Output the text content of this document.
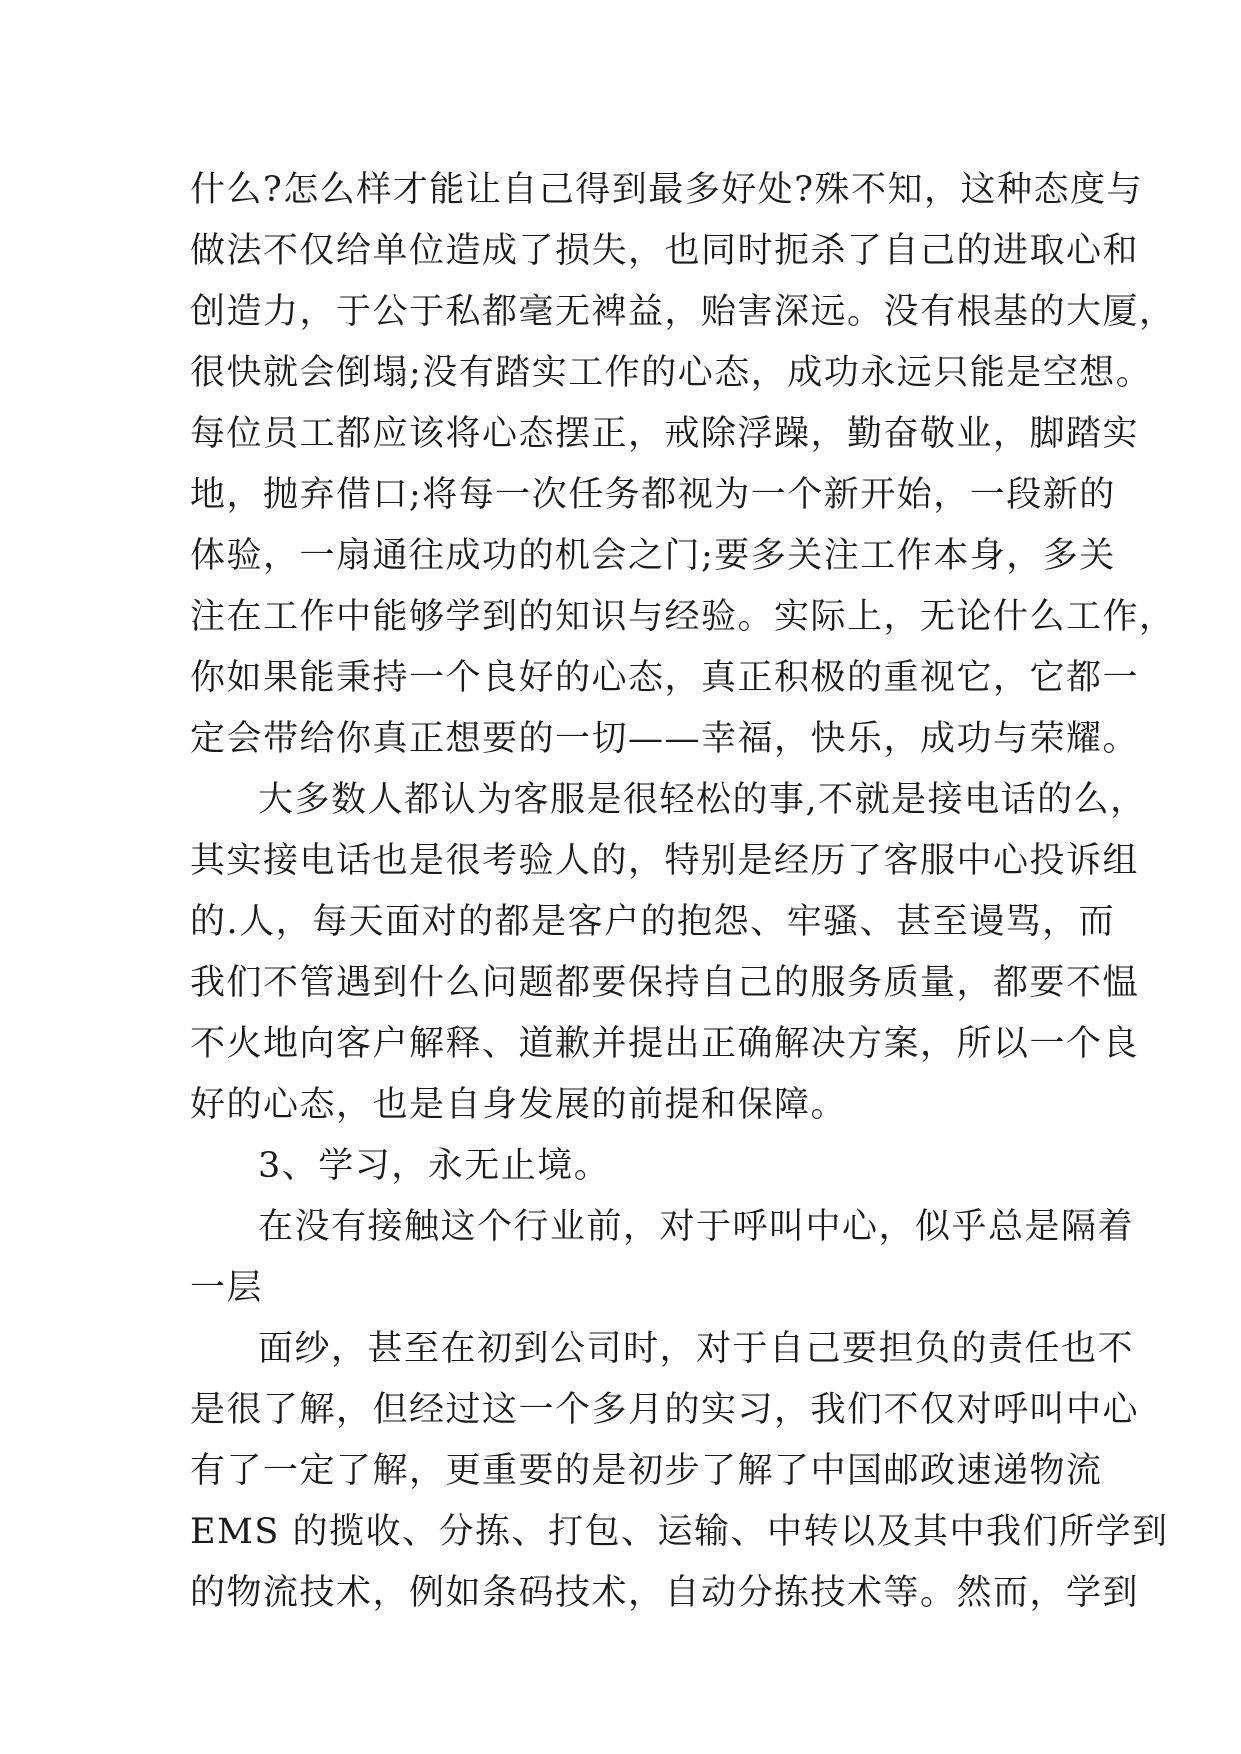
什么?怎么样才能让自己得到最多好处?殊不知，这种态度与
做法不仅给单位造成了损失，也同时扼杀了自己的进取心和
创造力，于公于私都毫无裨益，贻害深远。没有根基的大厦，
很快就会倒塌;没有踏实工作的心态，成功永远只能是空想。
每位员工都应该将心态摆正，戒除浮躁，勤奋敬业，脚踏实
地，抛弃借口;将每一次任务都视为一个新开始，一段新的
体验，一扇通往成功的机会之门;要多关注工作本身，多关
注在工作中能够学到的知识与经验。实际上，无论什么工作，
你如果能秉持一个良好的心态，真正积极的重视它，它都一
定会带给你真正想要的一切——幸福，快乐，成功与荣耀。
大多数人都认为客服是很轻松的事,不就是接电话的么，
其实接电话也是很考验人的，特别是经历了客服中心投诉组
的.人，每天面对的都是客户的抱怨、牢骚、甚至谩骂，而
我们不管遇到什么问题都要保持自己的服务质量，都要不愠
不火地向客户解释、道歉并提出正确解决方案，所以一个良
好的心态，也是自身发展的前提和保障。
3、学习，永无止境。
在没有接触这个行业前，对于呼叫中心，似乎总是隔着
一层
面纱，甚至在初到公司时，对于自己要担负的责任也不
是很了解，但经过这一个多月的实习，我们不仅对呼叫中心
有了一定了解，更重要的是初步了解了中国邮政速递物流
EMS 的揽收、分拣、打包、运输、中转以及其中我们所学到
的物流技术，例如条码技术，自动分拣技术等。然而，学到
